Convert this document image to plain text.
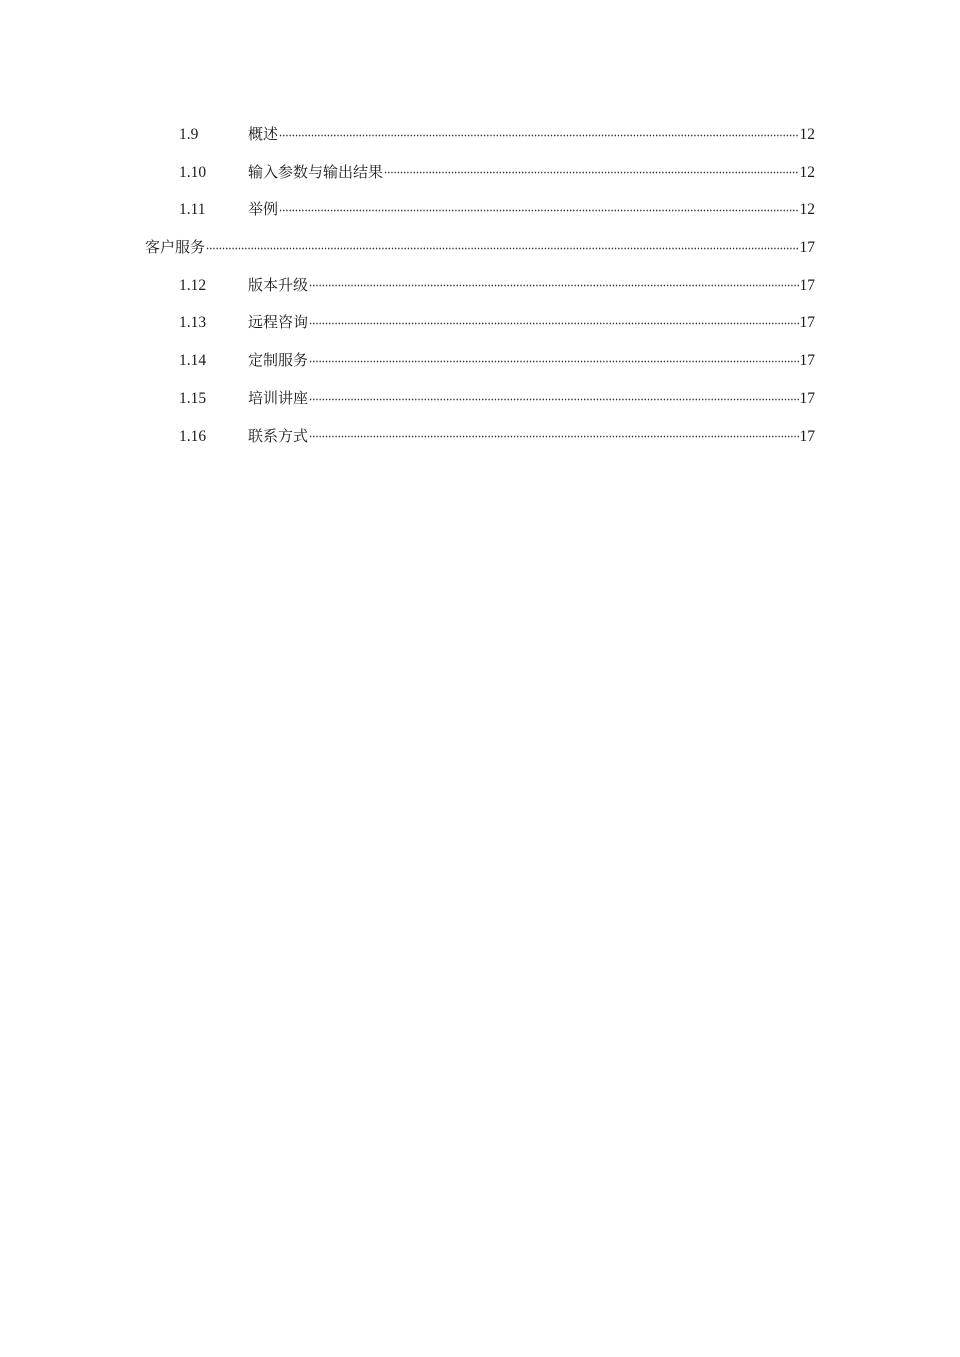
1.9	概述	12
1.10	输入参数与输出结果	12
1.11	举例	12
客户服务	17
1.12	版本升级	17
1.13	远程咨询	17
1.14	定制服务	17
1.15	培训讲座	17
1.16	联系方式	17
